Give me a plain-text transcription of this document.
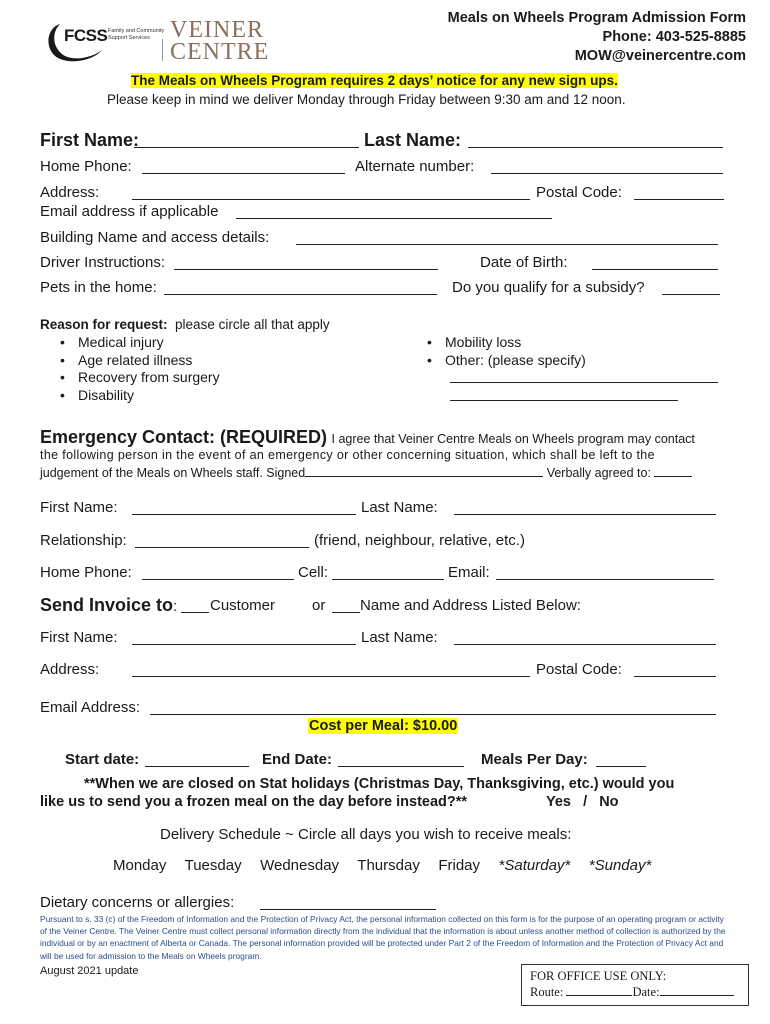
FCSS Family and Community
Support Services VEINER
CENTRE
Meals on Wheels Program Admission Form
Phone: 403-525-8885
MOW@veinercentre.com
The Meals on Wheels Program requires 2 days’ notice for any new sign ups.
Please keep in mind we deliver Monday through Friday between 9:30 am and 12 noon.
First Name:	Last Name:
Home Phone:	Alternate number:
Address:	Postal Code:
Email address if applicable
Building Name and access details:
Driver Instructions:	Date of Birth:
Pets in the home:	Do you qualify for a subsidy?
Reason for request: please circle all that apply
• Medical injury
• Age related illness
• Recovery from surgery
• Disability
• Mobility loss
• Other: (please specify)
Emergency Contact: (REQUIRED) I agree that Veiner Centre Meals on Wheels program may contact
the following person in the event of an emergency or other concerning situation, which shall be left to the
judgement of the Meals on Wheels staff. Signed	Verbally agreed to:
First Name:	Last Name:
Relationship:	(friend, neighbour, relative, etc.)
Home Phone:	Cell:	Email:
Send Invoice to: Customer or Name and Address Listed Below:
First Name:	Last Name:
Address:	Postal Code:
Email Address:
Cost per Meal: $10.00
Start date:	End Date:	Meals Per Day:
**When we are closed on Stat holidays (Christmas Day, Thanksgiving, etc.) would you
like us to send you a frozen meal on the day before instead?**	Yes   /   No
Delivery Schedule ~ Circle all days you wish to receive meals:
Monday Tuesday Wednesday Thursday Friday *Saturday* *Sunday*
Dietary concerns or allergies:
Pursuant to s. 33 (c) of the Freedom of Information and the Protection of Privacy Act, the personal information collected on this form is for the purpose of an operating program or activity of the Veiner Centre. The Veiner Centre must collect personal information directly from the individual that the information is about unless another method of collection is authorized by the individual or by an enactment of Alberta or Canada. The personal information provided will be protected under Part 2 of the Freedom of Information and the Protection of Privacy Act and will be used for admission to the Meals on Wheels program.
August 2021 update	FOR OFFICE USE ONLY:
Route:	Date:
